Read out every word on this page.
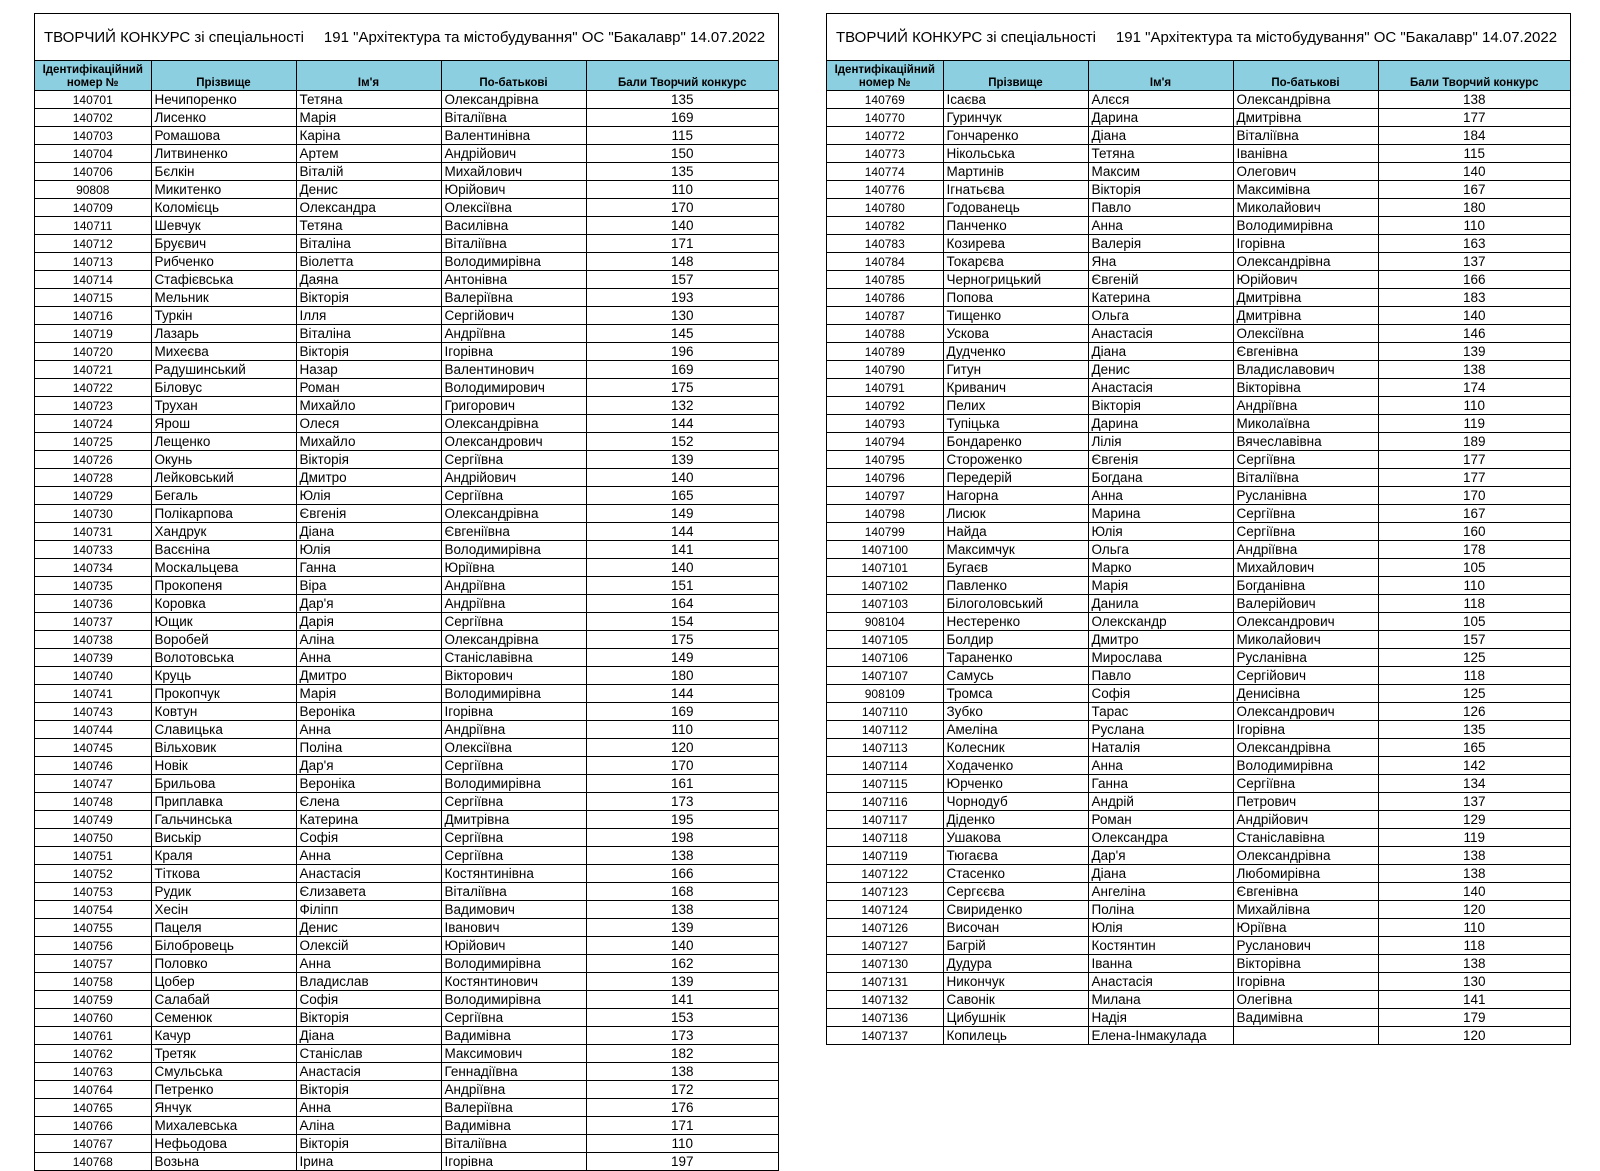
ТВОРЧИЙ КОНКУРС зі спеціальності 191 "Архітектура та містобудування" ОС "Бакалавр" 14.07.2022
Ідентифікаційний номер №	Прізвище	Ім'я	По-батькові	Бали Творчий конкурс
140701	Нечипоренко	Тетяна	Олександрівна	135
140702	Лисенко	Марія	Віталіївна	169
140703	Ромашова	Каріна	Валентинівна	115
140704	Литвиненко	Артем	Андрійович	150
140706	Бєлкін	Віталій	Михайлович	135
90808	Микитенко	Денис	Юрійович	110
140709	Коломієць	Олександра	Олексіївна	170
140711	Шевчук	Тетяна	Василівна	140
140712	Бруєвич	Віталіна	Віталіївна	171
140713	Рибченко	Віолетта	Володимирівна	148
140714	Стафієвська	Даяна	Антонівна	157
140715	Мельник	Вікторія	Валеріївна	193
140716	Туркін	Ілля	Сергійович	130
140719	Лазарь	Віталіна	Андріївна	145
140720	Михеєва	Вікторія	Ігорівна	196
140721	Радушинський	Назар	Валентинович	169
140722	Біловус	Роман	Володимирович	175
140723	Трухан	Михайло	Григорович	132
140724	Ярош	Олеся	Олександрівна	144
140725	Лещенко	Михайло	Олександрович	152
140726	Окунь	Вікторія	Сергіївна	139
140728	Лейковський	Дмитро	Андрійович	140
140729	Бегаль	Юлія	Сергіївна	165
140730	Полікарпова	Євгенія	Олександрівна	149
140731	Хандрук	Діана	Євгеніївна	144
140733	Васєніна	Юлія	Володимирівна	141
140734	Москальцева	Ганна	Юріївна	140
140735	Прокопеня	Віра	Андріївна	151
140736	Коровка	Дар'я	Андріївна	164
140737	Ющик	Дарія	Сергіївна	154
140738	Воробей	Аліна	Олександрівна	175
140739	Волотовська	Анна	Станіславівна	149
140740	Круць	Дмитро	Вікторович	180
140741	Прокопчук	Марія	Володимирівна	144
140743	Ковтун	Вероніка	Ігорівна	169
140744	Славицька	Анна	Андріївна	110
140745	Вільховик	Поліна	Олексіївна	120
140746	Новік	Дар'я	Сергіївна	170
140747	Брильова	Вероніка	Володимирівна	161
140748	Приплавка	Єлена	Сергіївна	173
140749	Гальчинська	Катерина	Дмитрівна	195
140750	Виськір	Софія	Сергіївна	198
140751	Краля	Анна	Сергіївна	138
140752	Тіткова	Анастасія	Костянтинівна	166
140753	Рудик	Єлизавета	Віталіївна	168
140754	Хесін	Філіпп	Вадимович	138
140755	Пацеля	Денис	Іванович	139
140756	Білобровець	Олексій	Юрійович	140
140757	Половко	Анна	Володимирівна	162
140758	Цобер	Владислав	Костянтинович	139
140759	Салабай	Софія	Володимирівна	141
140760	Семенюк	Вікторія	Сергіївна	153
140761	Качур	Діана	Вадимівна	173
140762	Третяк	Станіслав	Максимович	182
140763	Смульська	Анастасія	Геннадіївна	138
140764	Петренко	Вікторія	Андріївна	172
140765	Янчук	Анна	Валеріївна	176
140766	Михалевська	Аліна	Вадимівна	171
140767	Нефьодова	Вікторія	Віталіївна	110
140768	Возьна	Ірина	Ігорівна	197
ТВОРЧИЙ КОНКУРС зі спеціальності 191 "Архітектура та містобудування" ОС "Бакалавр" 14.07.2022
Ідентифікаційний номер №	Прізвище	Ім'я	По-батькові	Бали Творчий конкурс
140769	Ісаєва	Алєся	Олександрівна	138
140770	Гуринчук	Дарина	Дмитрівна	177
140772	Гончаренко	Діана	Віталіївна	184
140773	Нікольська	Тетяна	Іванівна	115
140774	Мартинів	Максим	Олегович	140
140776	Ігнатьєва	Вікторія	Максимівна	167
140780	Годованець	Павло	Миколайович	180
140782	Панченко	Анна	Володимирівна	110
140783	Козирева	Валерія	Ігорівна	163
140784	Токарєва	Яна	Олександрівна	137
140785	Черногрицький	Євгеній	Юрійович	166
140786	Попова	Катерина	Дмитрівна	183
140787	Тищенко	Ольга	Дмитрівна	140
140788	Ускова	Анастасія	Олексіївна	146
140789	Дудченко	Діана	Євгенівна	139
140790	Гитун	Денис	Владиславович	138
140791	Криванич	Анастасія	Вікторівна	174
140792	Пелих	Вікторія	Андріївна	110
140793	Тупіцька	Дарина	Миколаївна	119
140794	Бондаренко	Лілія	Вячеславівна	189
140795	Стороженко	Євгенія	Сергіївна	177
140796	Передерій	Богдана	Віталіївна	177
140797	Нагорна	Анна	Русланівна	170
140798	Лисюк	Марина	Сергіївна	167
140799	Найда	Юлія	Сергіївна	160
1407100	Максимчук	Ольга	Андріївна	178
1407101	Бугаєв	Марко	Михайлович	105
1407102	Павленко	Марія	Богданівна	110
1407103	Білоголовський	Данила	Валерійович	118
908104	Нестеренко	Олекскандр	Олександрович	105
1407105	Болдир	Дмитро	Миколайович	157
1407106	Тараненко	Мирослава	Русланівна	125
1407107	Самусь	Павло	Сергійович	118
908109	Тромса	Софія	Денисівна	125
1407110	Зубко	Тарас	Олександрович	126
1407112	Амеліна	Руслана	Ігорівна	135
1407113	Колесник	Наталія	Олександрівна	165
1407114	Ходаченко	Анна	Володимирівна	142
1407115	Юрченко	Ганна	Сергіївна	134
1407116	Чорнодуб	Андрій	Петрович	137
1407117	Діденко	Роман	Андрійович	129
1407118	Ушакова	Олександра	Станіславівна	119
1407119	Тюгаєва	Дар'я	Олександрівна	138
1407122	Стасенко	Діана	Любомирівна	138
1407123	Сергєєва	Ангеліна	Євгенівна	140
1407124	Свириденко	Поліна	Михайлівна	120
1407126	Височан	Юлія	Юріївна	110
1407127	Багрій	Костянтин	Русланович	118
1407130	Дудура	Іванна	Вікторівна	138
1407131	Никончук	Анастасія	Ігорівна	130
1407132	Савонік	Милана	Олегівна	141
1407136	Цибушнік	Надія	Вадимівна	179
1407137	Копилець	Елена-Інмакулада		120
